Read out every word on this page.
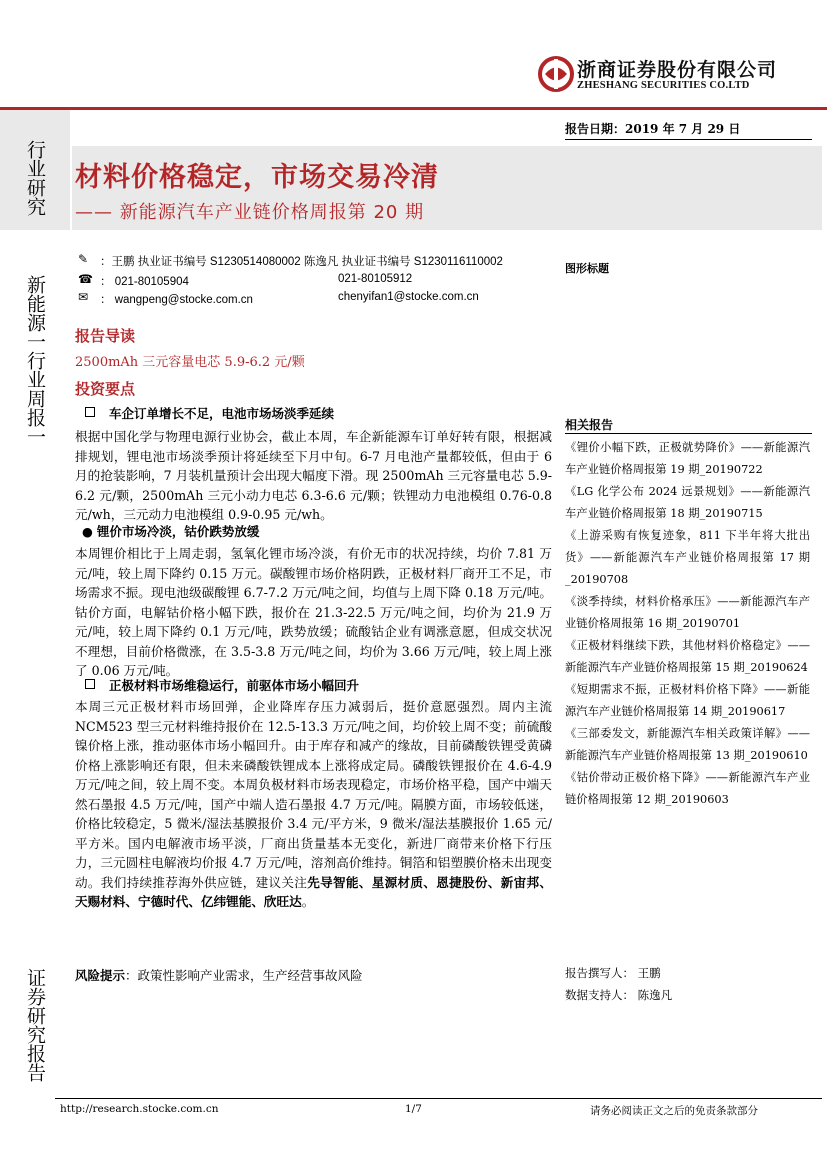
浙商证券股份有限公司
ZHESHANG SECURITIES CO.LTD
行业研究
新能源一行业周报一
证券研究报告
报告日期：2019 年 7 月 29 日
材料价格稳定，市场交易冷清
—— 新能源汽车产业链价格周报第 20 期
✎ ：王鹏 执业证书编号 S1230514080002 陈逸凡 执业证书编号 S1230116110002
☎ ： 021-80105904	021-80105912
✉ ： wangpeng@stocke.com.cn	chenyifan1@stocke.com.cn
图形标题
报告导读
2500mAh 三元容量电芯 5.9-6.2 元/颗
投资要点
车企订单增长不足，电池市场场淡季延续
根据中国化学与物理电源行业协会，截止本周，车企新能源车订单好转有限，根据减排规划，锂电池市场淡季预计将延续至下月中旬。6-7 月电池产量都较低，但由于 6 月的抢装影响，7 月装机量预计会出现大幅度下滑。现 2500mAh 三元容量电芯 5.9-6.2 元/颗，2500mAh 三元小动力电芯 6.3-6.6 元/颗；铁锂动力电池模组 0.76-0.8 元/wh，三元动力电池模组 0.9-0.95 元/wh。
● 锂价市场冷淡，钴价跌势放缓
本周锂价相比于上周走弱，氢氧化锂市场冷淡，有价无市的状况持续，均价 7.81 万元/吨，较上周下降约 0.15 万元。碳酸锂市场价格阴跌，正极材料厂商开工不足，市场需求不振。现电池级碳酸锂 6.7-7.2 万元/吨之间，均值与上周下降 0.18 万元/吨。钴价方面，电解钴价格小幅下跌，报价在 21.3-22.5 万元/吨之间，均价为 21.9 万元/吨，较上周下降约 0.1 万元/吨，跌势放缓；硫酸钴企业有调涨意愿，但成交状况不理想，目前价格微涨，在 3.5-3.8 万元/吨之间，均价为 3.66 万元/吨，较上周上涨了 0.06 万元/吨。
正极材料市场维稳运行，前驱体市场小幅回升
本周三元正极材料市场回弹，企业降库存压力减弱后，挺价意愿强烈。周内主流 NCM523 型三元材料维持报价在 12.5-13.3 万元/吨之间，均价较上周不变；前硫酸镍价格上涨，推动驱体市场小幅回升。由于库存和减产的缘故，目前磷酸铁锂受黄磷价格上涨影响还有限，但未来磷酸铁锂成本上涨将成定局。磷酸铁锂报价在 4.6-4.9 万元/吨之间，较上周不变。本周负极材料市场表现稳定，市场价格平稳，国产中端天然石墨报 4.5 万元/吨，国产中端人造石墨报 4.7 万元/吨。隔膜方面，市场较低迷，价格比较稳定，5 微米/湿法基膜报价 3.4 元/平方米，9 微米/湿法基膜报价 1.65 元/平方米。国内电解液市场平淡，厂商出货量基本无变化，新进厂商带来价格下行压力，三元圆柱电解液均价报 4.7 万元/吨，溶剂高价维持。铜箔和铝塑膜价格未出现变动。我们持续推荐海外供应链，建议关注先导智能、星源材质、恩捷股份、新宙邦、天赐材料、宁德时代、亿纬锂能、欣旺达。
相关报告
《锂价小幅下跌，正极就势降价》——新能源汽车产业链价格周报第 19 期_20190722
《LG 化学公布 2024 远景规划》——新能源汽车产业链价格周报第 18 期_20190715
《上游采购有恢复迹象，811 下半年将大批出货》——新能源汽车产业链价格周报第 17 期_20190708
《淡季持续，材料价格承压》——新能源汽车产业链价格周报第 16 期_20190701
《正极材料继续下跌，其他材料价格稳定》——新能源汽车产业链价格周报第 15 期_20190624
《短期需求不振，正极材料价格下降》——新能源汽车产业链价格周报第 14 期_20190617
《三部委发文，新能源汽车相关政策详解》——新能源汽车产业链价格周报第 13 期_20190610
《钴价带动正极价格下降》——新能源汽车产业链价格周报第 12 期_20190603
报告撰写人： 王鹏
数据支持人： 陈逸凡
风险提示：政策性影响产业需求，生产经营事故风险
http://research.stocke.com.cn	1/7	请务必阅读正文之后的免责条款部分
